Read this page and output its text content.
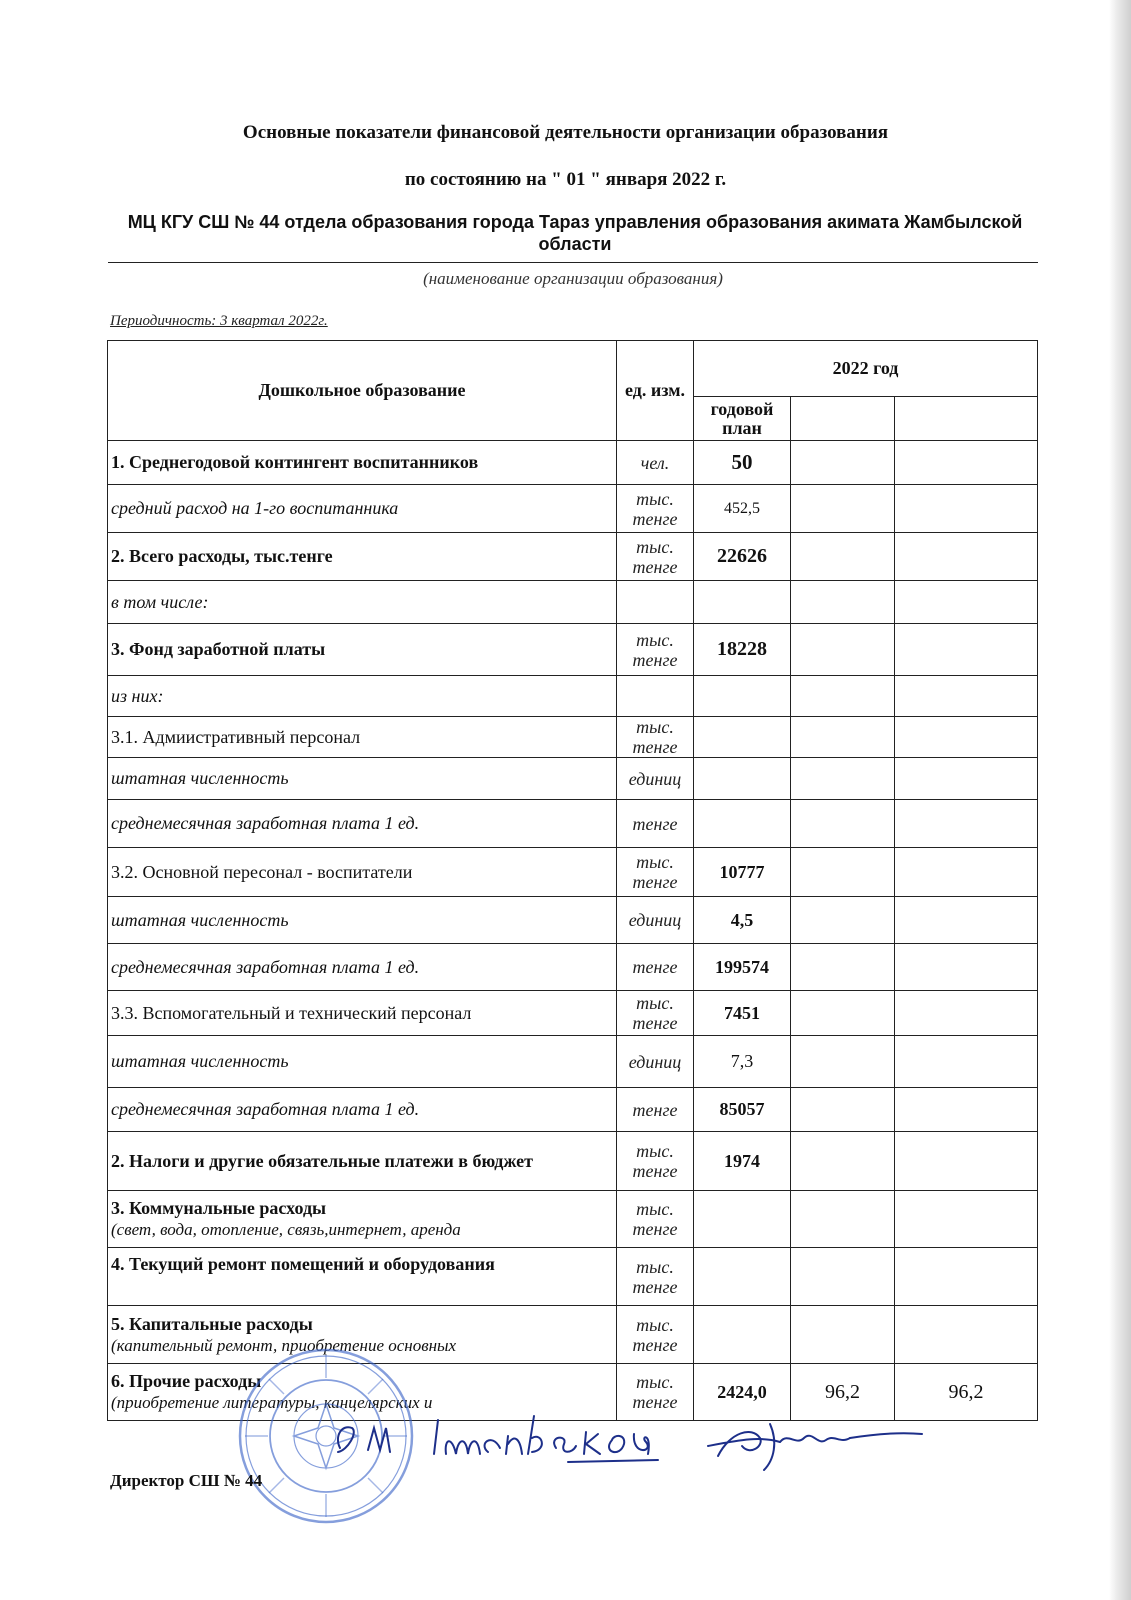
Основные показатели финансовой деятельности организации образования
по состоянию на " 01 " января 2022 г.
МЦ КГУ СШ № 44 отдела образования города Тараз управления образования акимата Жамбылской области
(наименование организации образования)
Периодичность: 3 квартал 2022г.
Дошкольное образование	ед. изм.	2022 год		
		годовой план		
1. Среднегодовой контингент воспитанников	чел.	50		
средний расход на 1-го воспитанника	тыс. тенге	452,5		
2. Всего расходы, тыс.тенге	тыс. тенге	22626		
в том числе:				
3. Фонд заработной платы	тыс. тенге	18228		
из них:				
3.1. Адмиистративный персонал	тыс. тенге			
штатная численность	единиц			
среднемесячная заработная плата 1 ед.	тенге			
3.2. Основной пересонал - воспитатели	тыс. тенге	10777		
штатная численность	единиц	4,5		
среднемесячная заработная плата 1 ед.	тенге	199574		
3.3. Вспомогательный и технический персонал	тыс. тенге	7451		
штатная численность	единиц	7,3		
среднемесячная заработная плата 1 ед.	тенге	85057		
2. Налоги и другие обязательные платежи в бюджет	тыс. тенге	1974		
3. Коммунальные расходы
(свет, вода, отопление, связь,интернет, аренда	тыс. тенге			
4. Текущий ремонт помещений и оборудования	тыс. тенге			
5. Капитальные расходы
(капительный ремонт, приобретение основных	тыс. тенге			
6. Прочие расходы
(приобретение литературы, канцелярских и	тыс. тенге	2424,0	96,2	96,2
Директор СШ № 44
